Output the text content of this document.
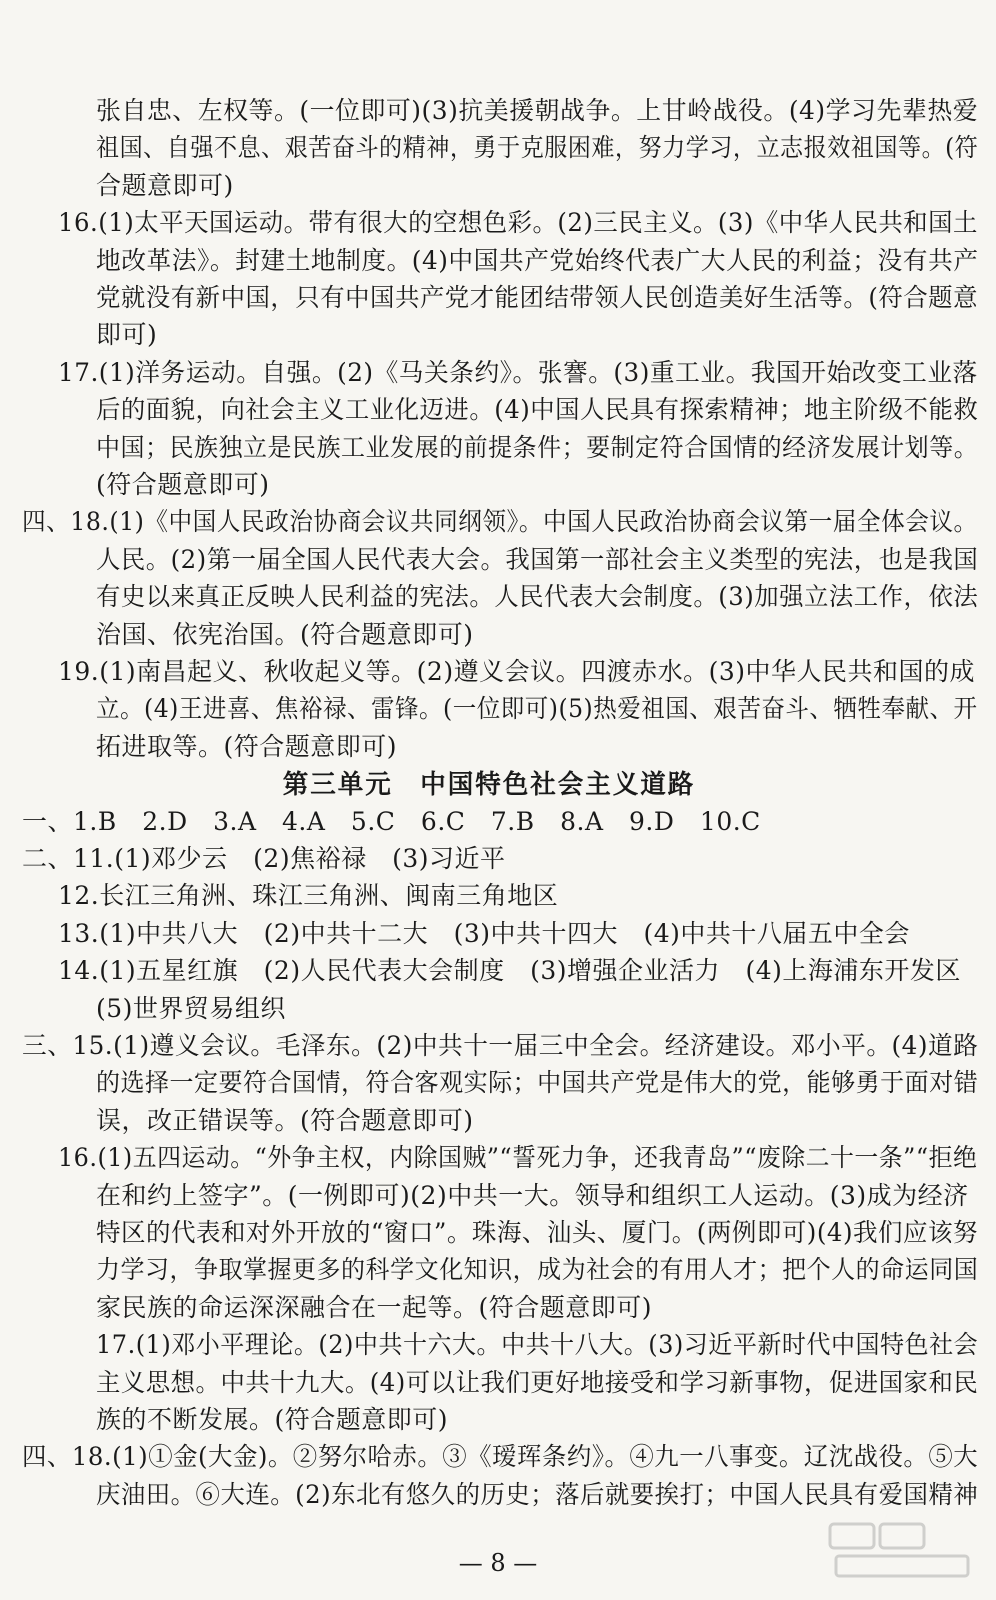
张自忠、左权等。(一位即可)(3)抗美援朝战争。上甘岭战役。(4)学习先辈热爱
祖国、自强不息、艰苦奋斗的精神，勇于克服困难，努力学习，立志报效祖国等。(符
合题意即可)
16.(1)太平天国运动。带有很大的空想色彩。(2)三民主义。(3)《中华人民共和国土
地改革法》。封建土地制度。(4)中国共产党始终代表广大人民的利益；没有共产
党就没有新中国，只有中国共产党才能团结带领人民创造美好生活等。(符合题意
即可)
17.(1)洋务运动。自强。(2)《马关条约》。张謇。(3)重工业。我国开始改变工业落
后的面貌，向社会主义工业化迈进。(4)中国人民具有探索精神；地主阶级不能救
中国；民族独立是民族工业发展的前提条件；要制定符合国情的经济发展计划等。
(符合题意即可)
四、18.(1)《中国人民政治协商会议共同纲领》。中国人民政治协商会议第一届全体会议。
人民。(2)第一届全国人民代表大会。我国第一部社会主义类型的宪法，也是我国
有史以来真正反映人民利益的宪法。人民代表大会制度。(3)加强立法工作，依法
治国、依宪治国。(符合题意即可)
19.(1)南昌起义、秋收起义等。(2)遵义会议。四渡赤水。(3)中华人民共和国的成
立。(4)王进喜、焦裕禄、雷锋。(一位即可)(5)热爱祖国、艰苦奋斗、牺牲奉献、开
拓进取等。(符合题意即可)
第三单元　中国特色社会主义道路
一、1.B　2.D　3.A　4.A　5.C　6.C　7.B　8.A　9.D　10.C
二、11.(1)邓少云　(2)焦裕禄　(3)习近平
12.长江三角洲、珠江三角洲、闽南三角地区
13.(1)中共八大　(2)中共十二大　(3)中共十四大　(4)中共十八届五中全会
14.(1)五星红旗　(2)人民代表大会制度　(3)增强企业活力　(4)上海浦东开发区
(5)世界贸易组织
三、15.(1)遵义会议。毛泽东。(2)中共十一届三中全会。经济建设。邓小平。(4)道路
的选择一定要符合国情，符合客观实际；中国共产党是伟大的党，能够勇于面对错
误，改正错误等。(符合题意即可)
16.(1)五四运动。“外争主权，内除国贼”“誓死力争，还我青岛”“废除二十一条”“拒绝
在和约上签字”。(一例即可)(2)中共一大。领导和组织工人运动。(3)成为经济
特区的代表和对外开放的“窗口”。珠海、汕头、厦门。(两例即可)(4)我们应该努
力学习，争取掌握更多的科学文化知识，成为社会的有用人才；把个人的命运同国
家民族的命运深深融合在一起等。(符合题意即可)
17.(1)邓小平理论。(2)中共十六大。中共十八大。(3)习近平新时代中国特色社会
主义思想。中共十九大。(4)可以让我们更好地接受和学习新事物，促进国家和民
族的不断发展。(符合题意即可)
四、18.(1)①金(大金)。②努尔哈赤。③《瑷珲条约》。④九一八事变。辽沈战役。⑤大
庆油田。⑥大连。(2)东北有悠久的历史；落后就要挨打；中国人民具有爱国精神
— 8 —
